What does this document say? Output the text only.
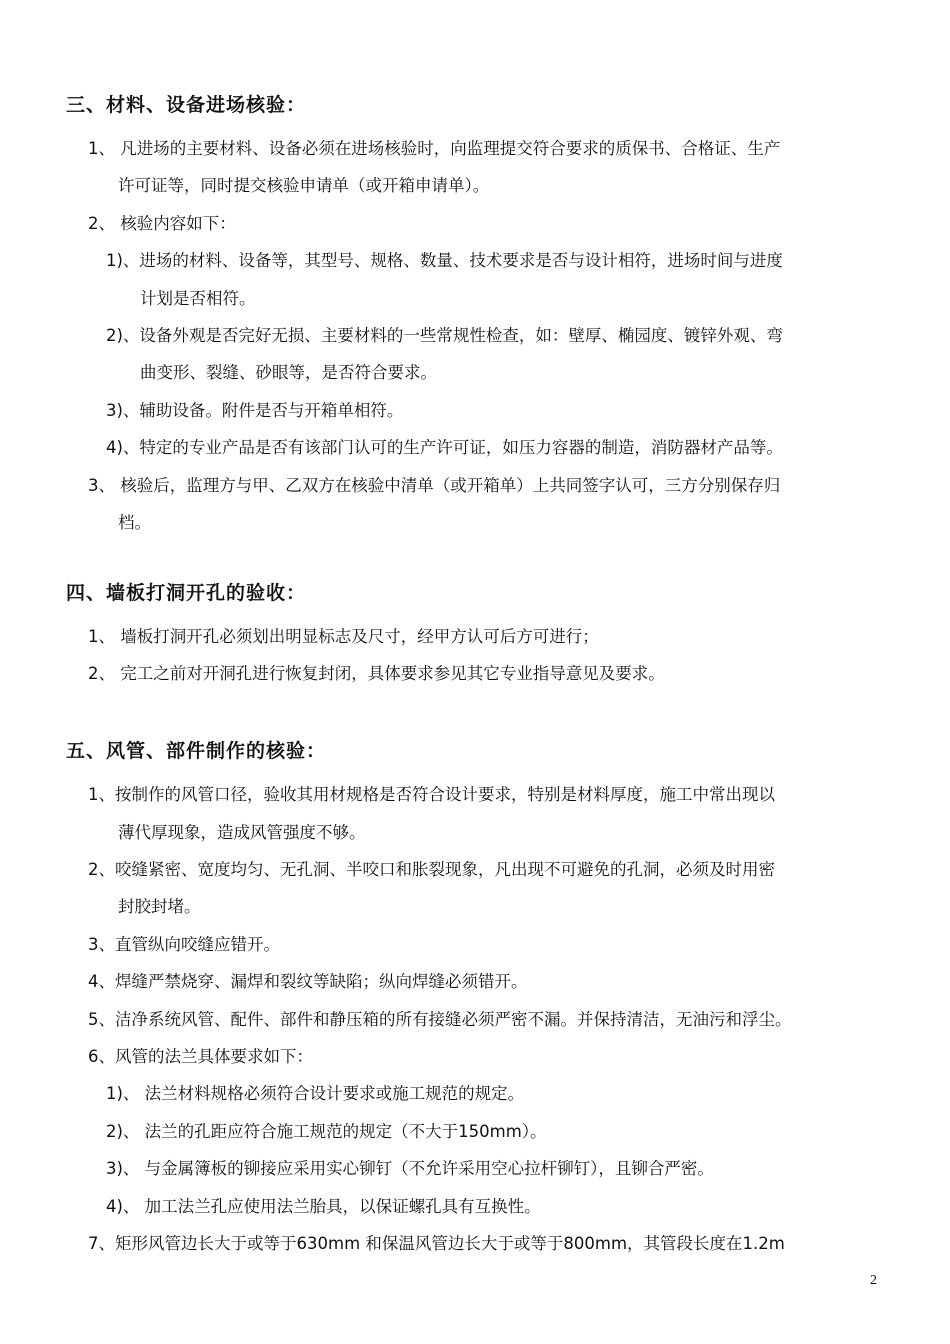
三、材料、设备进场核验：
1、 凡进场的主要材料、设备必须在进场核验时，向监理提交符合要求的质保书、合格证、生产
许可证等，同时提交核验申请单（或开箱申请单）。
2、 核验内容如下：
1)、进场的材料、设备等，其型号、规格、数量、技术要求是否与设计相符，进场时间与进度
计划是否相符。
2)、设备外观是否完好无损、主要材料的一些常规性检查，如：壁厚、椭园度、镀锌外观、弯
曲变形、裂缝、砂眼等，是否符合要求。
3)、辅助设备。附件是否与开箱单相符。
4)、特定的专业产品是否有该部门认可的生产许可证，如压力容器的制造，消防器材产品等。
3、 核验后，监理方与甲、乙双方在核验中清单（或开箱单）上共同签字认可，三方分别保存归
档。
四、墙板打洞开孔的验收：
1、 墙板打洞开孔必须划出明显标志及尺寸，经甲方认可后方可进行；
2、 完工之前对开洞孔进行恢复封闭，具体要求参见其它专业指导意见及要求。
五、风管、部件制作的核验：
1、按制作的风管口径，验收其用材规格是否符合设计要求，特别是材料厚度，施工中常出现以
薄代厚现象，造成风管强度不够。
2、咬缝紧密、宽度均匀、无孔洞、半咬口和胀裂现象，凡出现不可避免的孔洞，必须及时用密
封胶封堵。
3、直管纵向咬缝应错开。
4、焊缝严禁烧穿、漏焊和裂纹等缺陷；纵向焊缝必须错开。
5、洁净系统风管、配件、部件和静压箱的所有接缝必须严密不漏。并保持清洁，无油污和浮尘。
6、风管的法兰具体要求如下：
1)、 法兰材料规格必须符合设计要求或施工规范的规定。
2)、 法兰的孔距应符合施工规范的规定（不大于150mm）。
3)、 与金属簿板的铆接应采用实心铆钉（不允许采用空心拉杆铆钉），且铆合严密。
4)、 加工法兰孔应使用法兰胎具，以保证螺孔具有互换性。
7、矩形风管边长大于或等于630mm 和保温风管边长大于或等于800mm，其管段长度在1.2m
2
